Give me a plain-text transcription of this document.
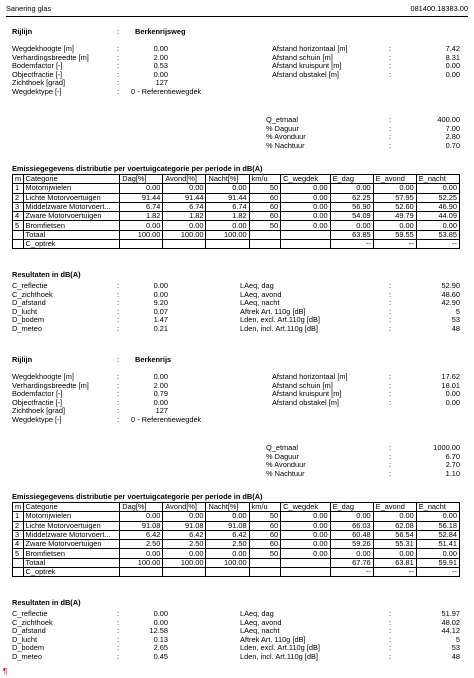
Sanering glas	081400.18383.00
Rijlijn	: Berkenrijsweg
Wegdekhoogte [m]	:	0.00
Verhardingsbreedte [m]	:	2.00
Bodemfactor [-]	:	0.53
Objectfractie [-]	:	0.00
Zichthoek [grad]	:	127
Wegdektype [-]	: 0 - Referentiewegdek
Afstand horizontaal [m]	:	7.42
Afstand schuin [m]	:	8.31
Afstand kruispunt [m]	:	0.00
Afstand obstakel [m]	:	0.00
Q_etmaal	:	400.00
% Daguur	:	7.00
% Avonduur	:	2.80
% Nachtuur	:	0.70
Emissiegegevens distributie per voertuigcategorie per periode in dB(A)
m	Categorie	Dag[%]	Avond[%]	Nacht[%]	km/u	C_wegdek	E_dag	E_avond	E_nacht
1	Motorrijwielen	0.00	0.00	0.00	50	0.00	0.00	0.00	0.00
2	Lichte Motorvoertuigen	91.44	91.44	91.44	60	0.00	62.25	57.95	52.25
3	Middelzware Motorvoert...	6.74	6.74	6.74	60	0.00	56.90	52.60	46.90
4	Zware Motorvoertuigen	1.82	1.82	1.82	60	0.00	54.09	49.79	44.09
5	Bromfietsen	0.00	0.00	0.00	50	0.00	0.00	0.00	0.00
	Totaal	100.00	100.00	100.00			63.85	59.55	53.85
	C_optrek						--	--	--
Resultaten in dB(A)
C_reflectie	:	0.00
C_zichthoek	:	0.00
D_afstand	:	9.20
D_lucht	:	0.07
D_bodem	:	1.47
D_meteo	:	0.21
LAeq, dag	:	52.90
LAeq, avond	:	48.60
LAeq, nacht	:	42.90
Aftrek Art. 110g [dB]	:	5
Lden, excl. Art.110g [dB]	:	53
Lden, incl. Art.110g [dB]	:	48
Rijlijn	: Berkenrijs
Wegdekhoogte [m]	:	0.00
Verhardingsbreedte [m]	:	2.00
Bodemfactor [-]	:	0.79
Objectfractie [-]	:	0.00
Zichthoek [grad]	:	127
Wegdektype [-]	: 0 - Referentiewegdek
Afstand horizontaal [m]	:	17.62
Afstand schuin [m]	:	18.01
Afstand kruispunt [m]	:	0.00
Afstand obstakel [m]	:	0.00
Q_etmaal	:	1000.00
% Daguur	:	6.70
% Avonduur	:	2.70
% Nachtuur	:	1.10
Emissiegegevens distributie per voertuigcategorie per periode in dB(A)
m	Categorie	Dag[%]	Avond[%]	Nacht[%]	km/u	C_wegdek	E_dag	E_avond	E_nacht
1	Motorrijwielen	0.00	0.00	0.00	50	0.00	0.00	0.00	0.00
2	Lichte Motorvoertuigen	91.08	91.08	91.08	60	0.00	66.03	62.08	56.18
3	Middelzware Motorvoert...	6.42	6.42	6.42	60	0.00	60.48	56.54	52.84
4	Zware Motorvoertuigen	2.50	2.50	2.50	60	0.00	59.26	55.31	51.41
5	Bromfietsen	0.00	0.00	0.00	50	0.00	0.00	0.00	0.00
	Totaal	100.00	100.00	100.00			67.76	63.81	59.91
	C_optrek						--	--	--
Resultaten in dB(A)
C_reflectie	:	0.00
C_zichthoek	:	0.00
D_afstand	:	12.58
D_lucht	:	0.13
D_bodem	:	2.65
D_meteo	:	0.45
LAeq, dag	:	51.97
LAeq, avond	:	48.02
LAeq, nacht	:	44.12
Aftrek Art. 110g [dB]	:	5
Lden, excl. Art.110g [dB]	:	53
Lden, incl. Art.110g [dB]	:	48
¶
